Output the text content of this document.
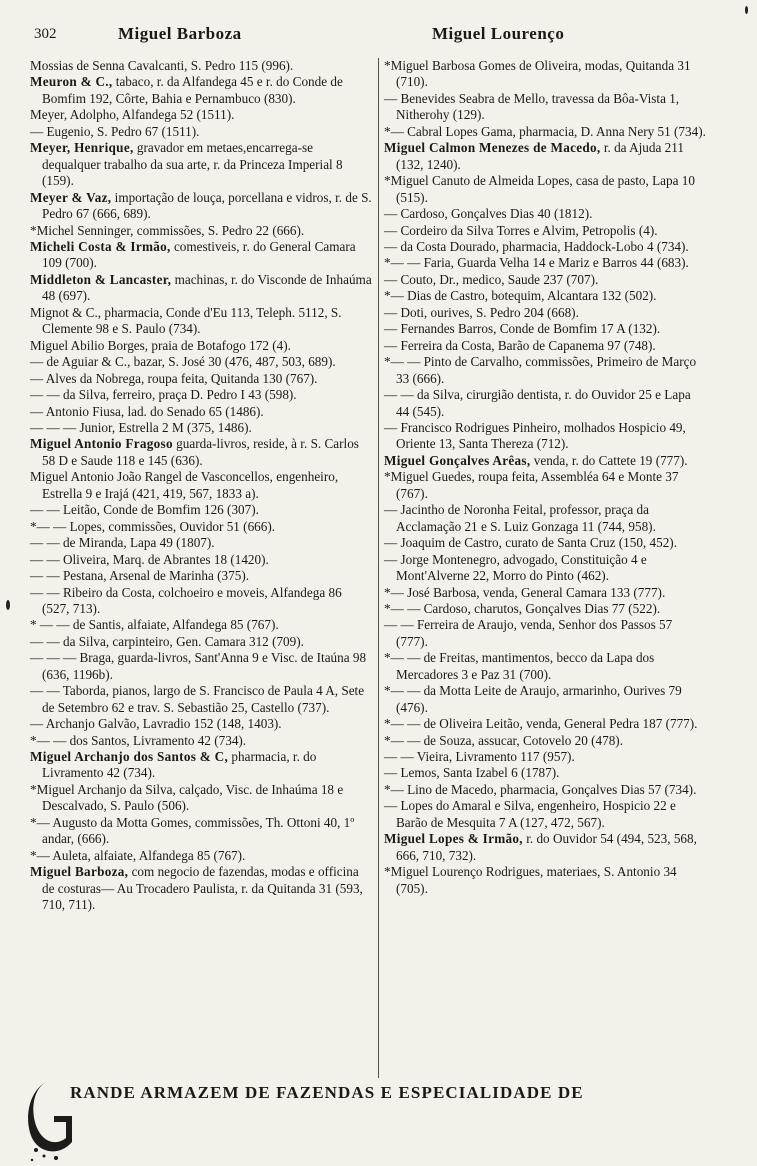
302	Miguel Barboza	Miguel Lourenço

Mossias de Senna Cavalcanti, S. Pedro 115 (996).

Meuron & C., tabaco, r. da Alfandega 45 e r. do Conde de Bomfim 192, Côrte, Bahia e Pernambuco (830).

Meyer, Adolpho, Alfandega 52 (1511).

— Eugenio, S. Pedro 67 (1511).

Meyer, Henrique, gravador em metaes,encarrega-se dequalquer trabalho da sua arte, r. da Princeza Imperial 8 (159).

Meyer & Vaz, importação de louça, porcellana e vidros, r. de S. Pedro 67 (666, 689).

*Michel Senninger, commissões, S. Pedro 22 (666).

Micheli Costa & Irmão, comestiveis, r. do General Camara 109 (700).

Middleton & Lancaster, machinas, r. do Visconde de Inhaúma 48 (697).

Mignot & C., pharmacia, Conde d'Eu 113, Teleph. 5112, S. Clemente 98 e S. Paulo (734).

Miguel Abilio Borges, praia de Botafogo 172 (4).

— de Aguiar & C., bazar, S. José 30 (476, 487, 503, 689).

— Alves da Nobrega, roupa feita, Quitanda 130 (767).

— — da Silva, ferreiro, praça D. Pedro I 43 (598).

— Antonio Fiusa, lad. do Senado 65 (1486).

— — — Junior, Estrella 2 M (375, 1486).

Miguel Antonio Fragoso guarda-livros, reside, à r. S. Carlos 58 D e Saude 118 e 145 (636).

Miguel Antonio João Rangel de Vasconcellos, engenheiro, Estrella 9 e Irajá (421, 419, 567, 1833 a).

— — Leitão, Conde de Bomfim 126 (307).

*— — Lopes, commissões, Ouvidor 51 (666).

— — de Miranda, Lapa 49 (1807).

— — Oliveira, Marq. de Abrantes 18 (1420).

— — Pestana, Arsenal de Marinha (375).

— — Ribeiro da Costa, colchoeiro e moveis, Alfandega 86 (527, 713).

* — — de Santis, alfaiate, Alfandega 85 (767).

— — da Silva, carpinteiro, Gen. Camara 312 (709).

— — — Braga, guarda-livros, Sant'Anna 9 e Visc. de Itaúna 98 (636, 1196b).

— — Taborda, pianos, largo de S. Francisco de Paula 4 A, Sete de Setembro 62 e trav. S. Sebastião 25, Castello (737).

— Archanjo Galvão, Lavradio 152 (148, 1403).

*— — dos Santos, Livramento 42 (734).

Miguel Archanjo dos Santos & C, pharmacia, r. do Livramento 42 (734).

*Miguel Archanjo da Silva, calçado, Visc. de Inhaúma 18 e Descalvado, S. Paulo (506).

*— Augusto da Motta Gomes, commissões, Th. Ottoni 40, 1º andar, (666).

*— Auleta, alfaiate, Alfandega 85 (767).

Miguel Barboza, com negocio de fazendas, modas e officina de costuras— Au Trocadero Paulista, r. da Quitanda 31 (593, 710, 711).

*Miguel Barbosa Gomes de Oliveira, modas, Quitanda 31 (710).

— Benevides Seabra de Mello, travessa da Bôa-Vista 1, Nitherohy (129).

*— Cabral Lopes Gama, pharmacia, D. Anna Nery 51 (734).

Miguel Calmon Menezes de Macedo, r. da Ajuda 211 (132, 1240).

*Miguel Canuto de Almeida Lopes, casa de pasto, Lapa 10 (515).

— Cardoso, Gonçalves Dias 40 (1812).

— Cordeiro da Silva Torres e Alvim, Petropolis (4).

— da Costa Dourado, pharmacia, Haddock-Lobo 4 (734).

*— — Faria, Guarda Velha 14 e Mariz e Barros 44 (683).

— Couto, Dr., medico, Saude 237 (707).

*— Dias de Castro, botequim, Alcantara 132 (502).

— Doti, ourives, S. Pedro 204 (668).

— Fernandes Barros, Conde de Bomfim 17 A (132).

— Ferreira da Costa, Barão de Capanema 97 (748).

*— — Pinto de Carvalho, commissões, Primeiro de Março 33 (666).

— — da Silva, cirurgião dentista, r. do Ouvidor 25 e Lapa 44 (545).

— Francisco Rodrigues Pinheiro, molhados Hospicio 49, Oriente 13, Santa Thereza (712).

Miguel Gonçalves Arêas, venda, r. do Cattete 19 (777).

*Miguel Guedes, roupa feita, Assembléa 64 e Monte 37 (767).

— Jacintho de Noronha Feital, professor, praça da Acclamação 21 e S. Luiz Gonzaga 11 (744, 958).

— Joaquim de Castro, curato de Santa Cruz (150, 452).

— Jorge Montenegro, advogado, Constituição 4 e Mont'Alverne 22, Morro do Pinto (462).

*— José Barbosa, venda, General Camara 133 (777).

*— — Cardoso, charutos, Gonçalves Dias 77 (522).

— — Ferreira de Araujo, venda, Senhor dos Passos 57 (777).

*— — de Freitas, mantimentos, becco da Lapa dos Mercadores 3 e Paz 31 (700).

*— — da Motta Leite de Araujo, armarinho, Ourives 79 (476).

*— — de Oliveira Leitão, venda, General Pedra 187 (777).

*— — de Souza, assucar, Cotovelo 20 (478).

— — Vieira, Livramento 117 (957).

— Lemos, Santa Izabel 6 (1787).

*— Lino de Macedo, pharmacia, Gonçalves Dias 57 (734).

— Lopes do Amaral e Silva, engenheiro, Hospicio 22 e Barão de Mesquita 7 A (127, 472, 567).

Miguel Lopes & Irmão, r. do Ouvidor 54 (494, 523, 568, 666, 710, 732).

*Miguel Lourenço Rodrigues, materiaes, S. Antonio 34 (705).

RANDE ARMAZEM DE FAZENDAS E ESPECIALIDADE DE
